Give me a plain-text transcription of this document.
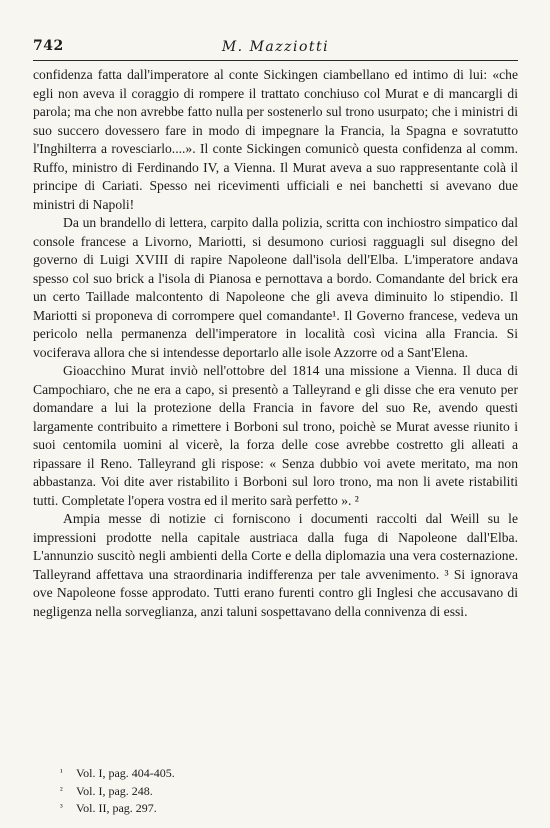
742	M. Mazziotti

confidenza fatta dall'imperatore al conte Sickingen ciambellano ed intimo di lui: «che egli non aveva il coraggio di rompere il trattato conchiuso col Murat e di mancargli di parola; ma che non avrebbe fatto nulla per sostenerlo sul trono usurpato; che i ministri di suo succero dovessero fare in modo di impegnare la Francia, la Spagna e sovratutto l'Inghilterra a rovesciarlo....». Il conte Sickingen comunicò questa confidenza al comm. Ruffo, ministro di Ferdinando IV, a Vienna. Il Murat aveva a suo rappresentante colà il principe di Cariati. Spesso nei ricevimenti ufficiali e nei banchetti si avevano due ministri di Napoli!

Da un brandello di lettera, carpito dalla polizia, scritta con inchiostro simpatico dal console francese a Livorno, Mariotti, si desumono curiosi ragguagli sul disegno del governo di Luigi XVIII di rapire Napoleone dall'isola dell'Elba. L'imperatore andava spesso col suo brick a l'isola di Pianosa e pernottava a bordo. Comandante del brick era un certo Taillade malcontento di Napoleone che gli aveva diminuito lo stipendio. Il Mariotti si proponeva di corrompere quel comandante¹. Il Governo francese, vedeva un pericolo nella permanenza dell'imperatore in località così vicina alla Francia. Si vociferava allora che si intendesse deportarlo alle isole Azzorre od a Sant'Elena.

Gioacchino Murat inviò nell'ottobre del 1814 una missione a Vienna. Il duca di Campochiaro, che ne era a capo, si presentò a Talleyrand e gli disse che era venuto per domandare a lui la protezione della Francia in favore del suo Re, avendo questi largamente contribuito a rimettere i Borboni sul trono, poichè se Murat avesse riunito i suoi centomila uomini al vicerè, la forza delle cose avrebbe costretto gli alleati a ripassare il Reno. Talleyrand gli rispose: « Senza dubbio voi avete meritato, ma non abbastanza. Voi dite aver ristabilito i Borboni sul loro trono, ma non li avete ristabiliti tutti. Completate l'opera vostra ed il merito sarà perfetto ». ²

Ampia messe di notizie ci forniscono i documenti raccolti dal Weill su le impressioni prodotte nella capitale austriaca dalla fuga di Napoleone dall'Elba. L'annunzio suscitò negli ambienti della Corte e della diplomazia una vera costernazione. Talleyrand affettava una straordinaria indifferenza per tale avvenimento. ³ Si ignorava ove Napoleone fosse approdato. Tutti erano furenti contro gli Inglesi che accusavano di negligenza nella sorveglianza, anzi taluni sospettavano della connivenza di essi.

¹ Vol. I, pag. 404-405.
² Vol. I, pag. 248.
³ Vol. II, pag. 297.
